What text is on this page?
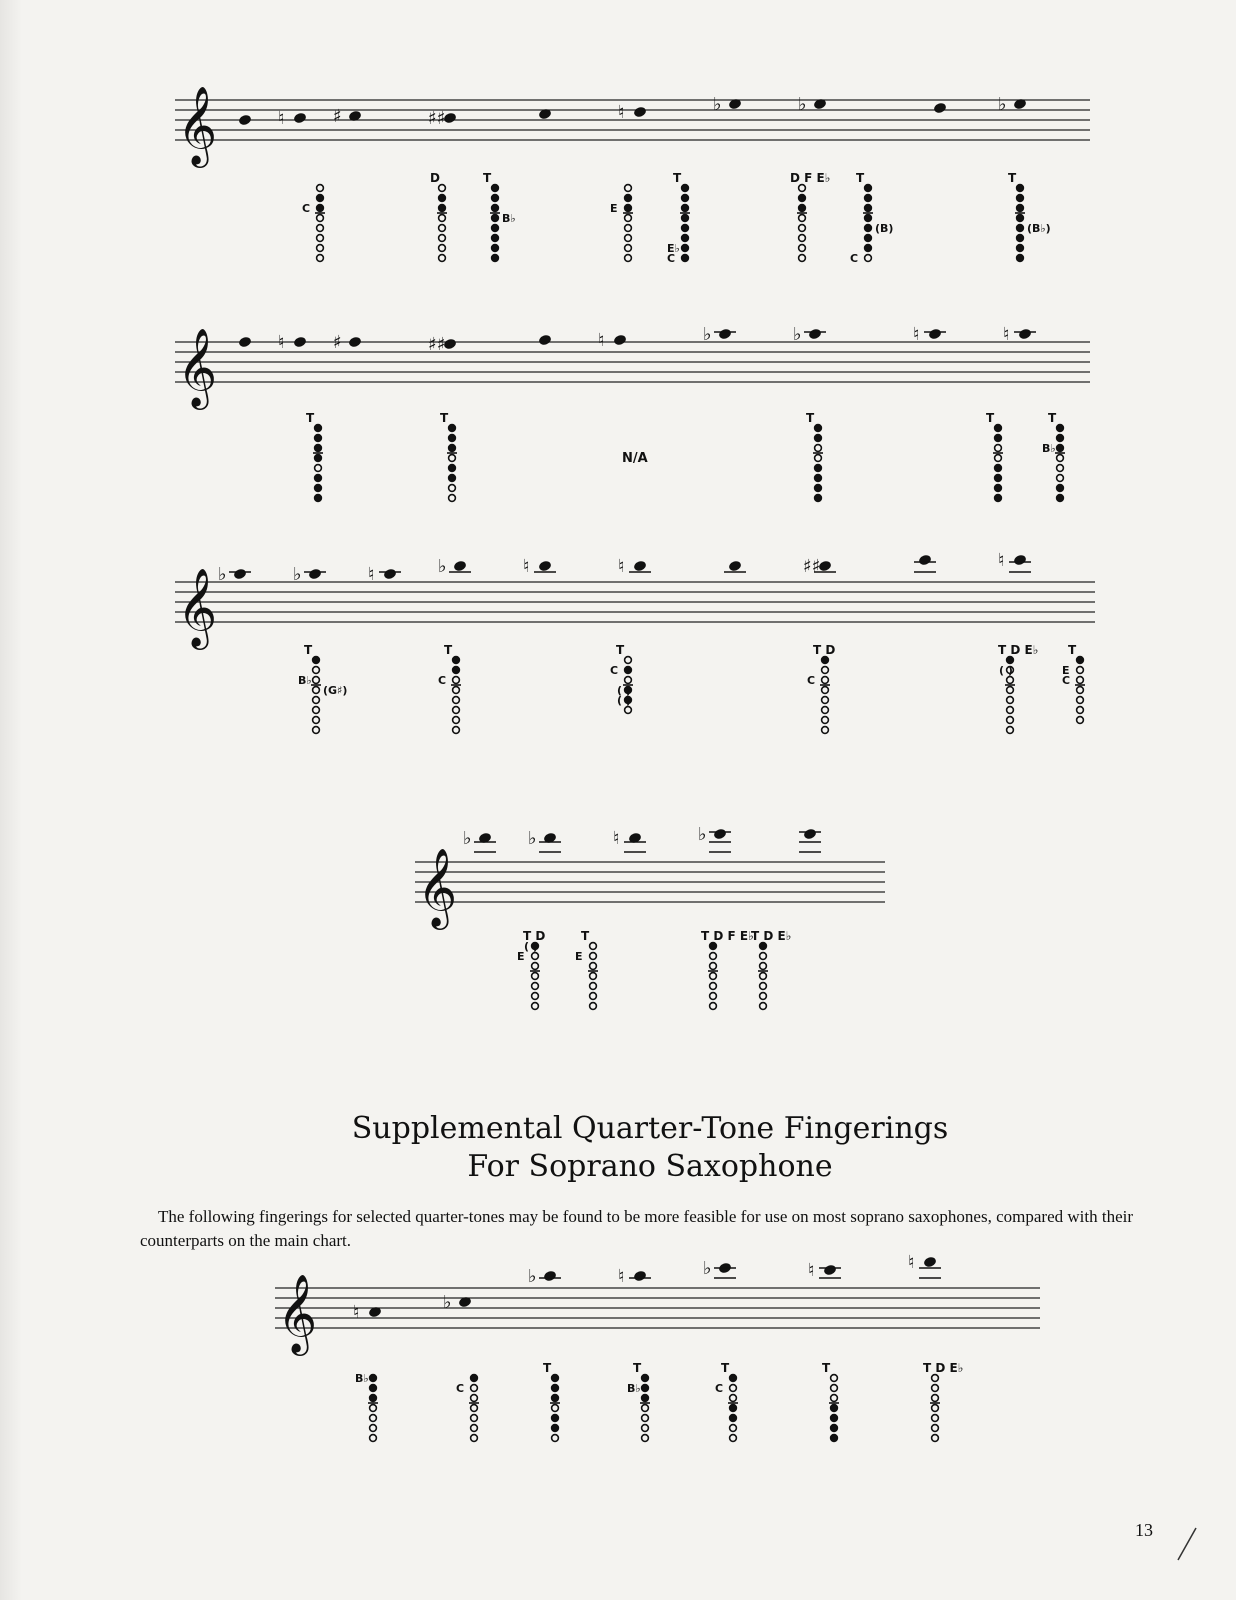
𝄞
𝄞
𝄞
𝄞
𝄞
♮	♯	♯♯	♮	♭	♭	♭
♮	♯	♯♯	♮	♭	♭	♮	♮
♭	♭	♮	♭	♮	♮	♯♯	♮
♭	♭	♮	♭
♮	♭
♭	♮	♭	♮	♮
C
D	T
B♭
E
T
E♭
C
D F E♭ T
(B)
C
T
(B♭)
T	T	T	T	T
B♭
T
B♭
(G♯)
T
C
T
C
( )
( )
T D
C
T D E♭
( )
T
E
C
T D
( )
E
T
E
T D F E♭
T D E♭
B♭
C
T	T
B♭
T
C
T	T D E♭
N/A
Supplemental Quarter-Tone Fingerings
For Soprano Saxophone
The following fingerings for selected quarter-tones may be found to be more feasible for use on most soprano saxophones, compared with their counterparts on the main chart.
13
